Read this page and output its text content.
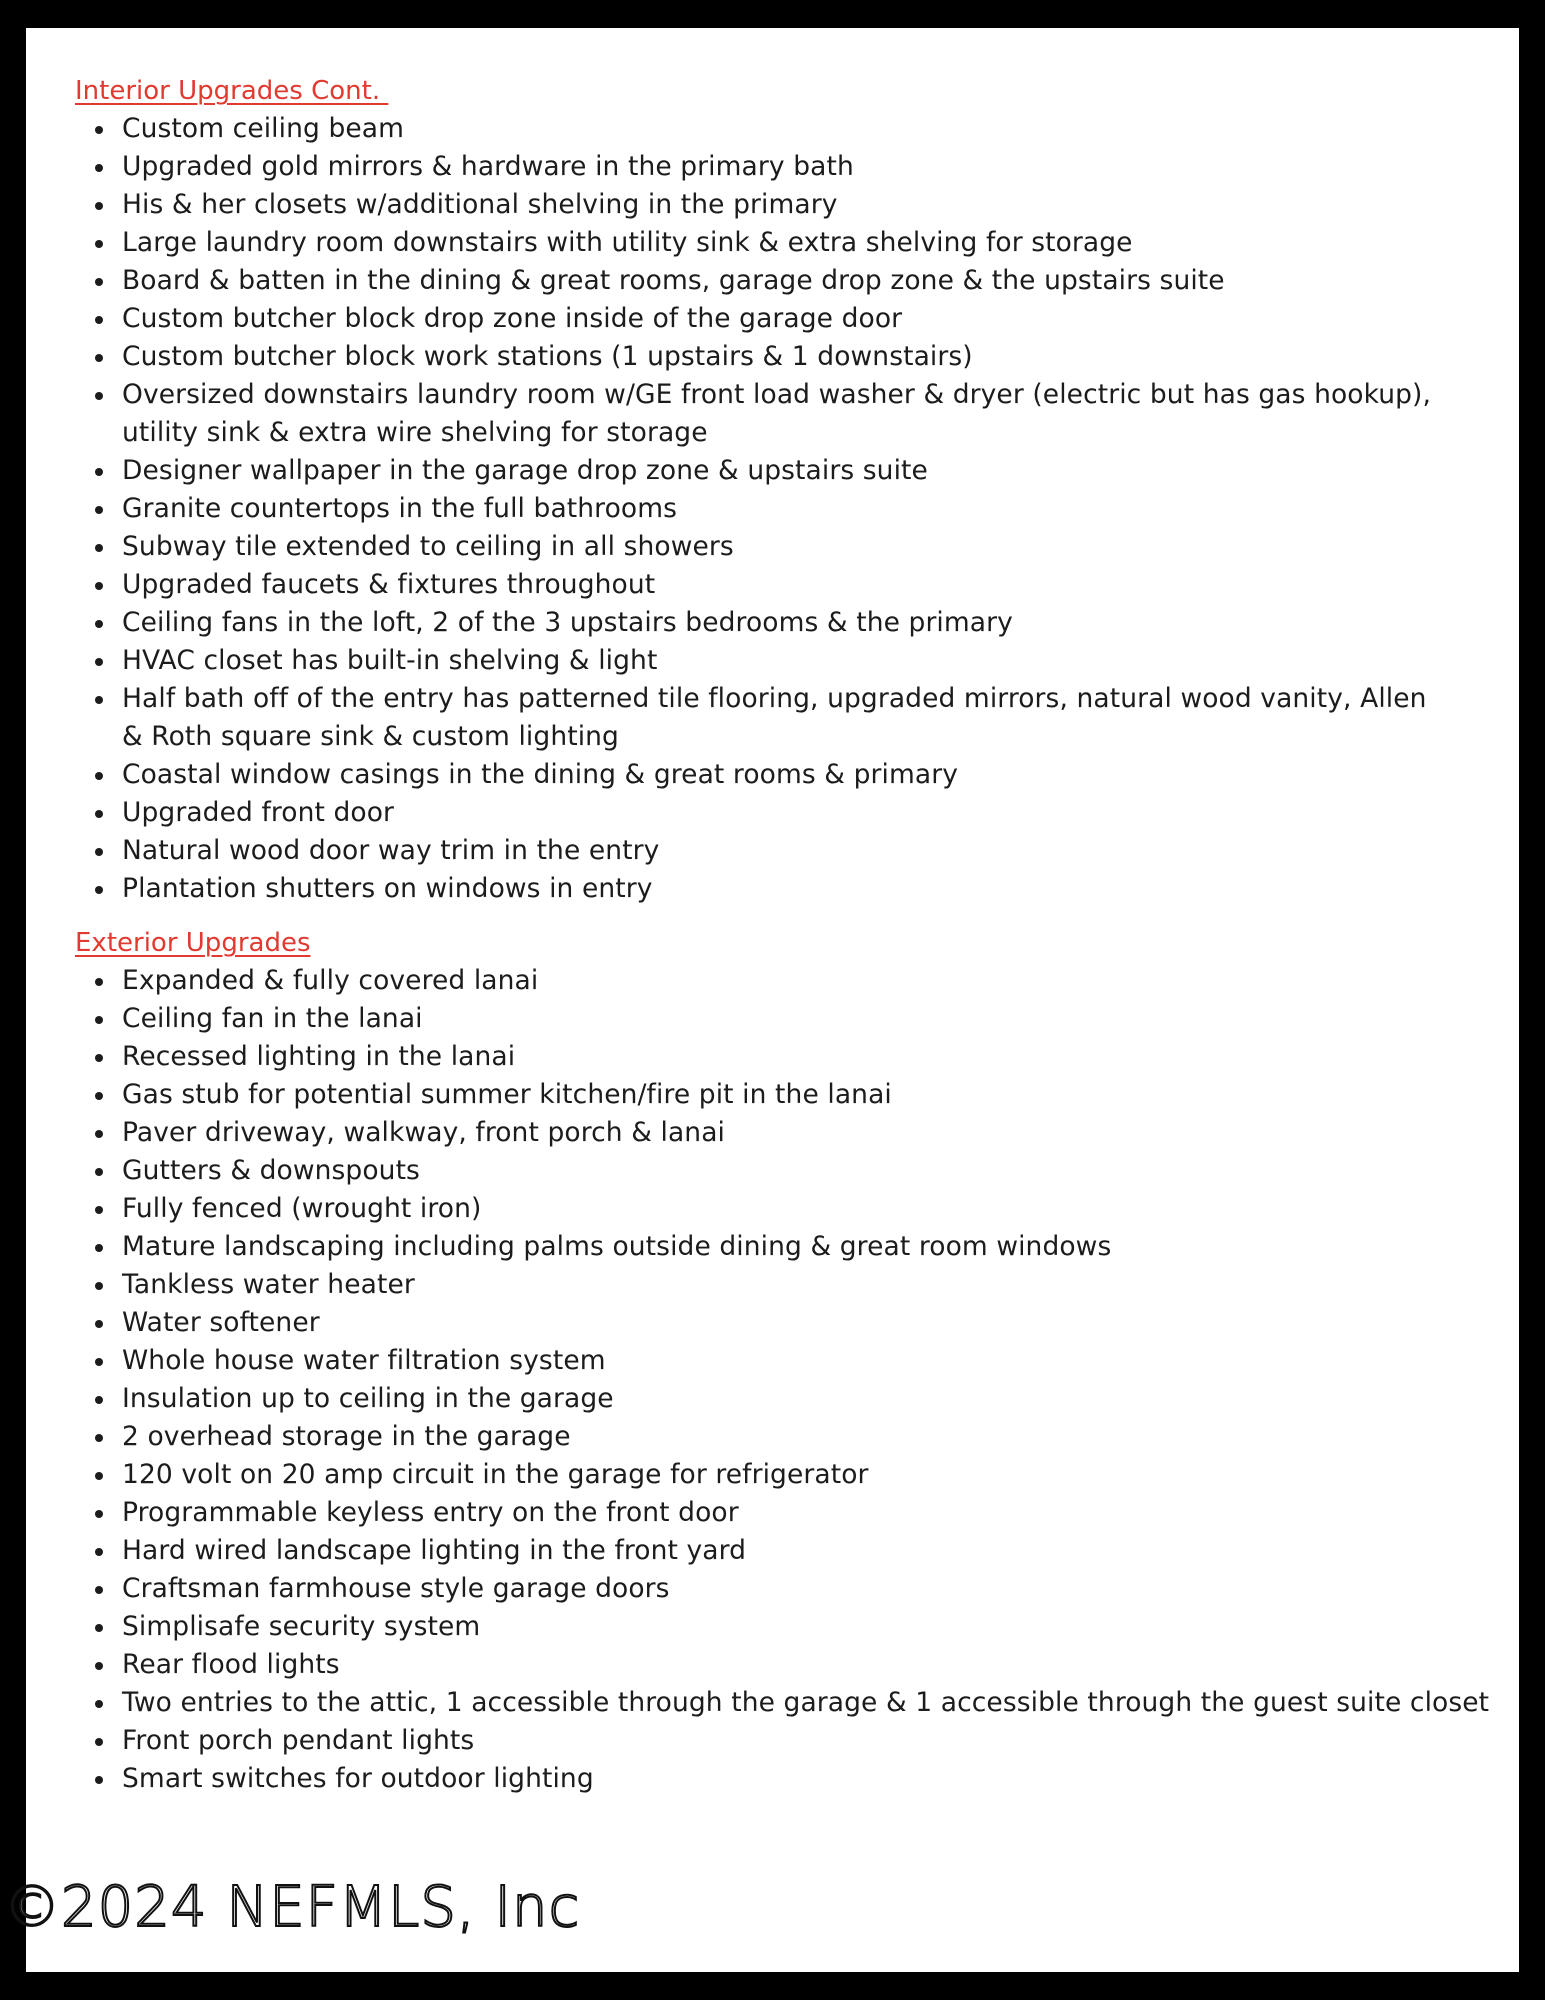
Interior Upgrades Cont.
Custom ceiling beam
Upgraded gold mirrors & hardware in the primary bath
His & her closets w/additional shelving in the primary
Large laundry room downstairs with utility sink & extra shelving for storage
Board & batten in the dining & great rooms, garage drop zone & the upstairs suite
Custom butcher block drop zone inside of the garage door
Custom butcher block work stations (1 upstairs & 1 downstairs)
Oversized downstairs laundry room w/GE front load washer & dryer (electric but has gas hookup),
utility sink & extra wire shelving for storage
Designer wallpaper in the garage drop zone & upstairs suite
Granite countertops in the full bathrooms
Subway tile extended to ceiling in all showers
Upgraded faucets & fixtures throughout
Ceiling fans in the loft, 2 of the 3 upstairs bedrooms & the primary
HVAC closet has built-in shelving & light
Half bath off of the entry has patterned tile flooring, upgraded mirrors, natural wood vanity, Allen
& Roth square sink & custom lighting
Coastal window casings in the dining & great rooms & primary
Upgraded front door
Natural wood door way trim in the entry
Plantation shutters on windows in entry
Exterior Upgrades
Expanded & fully covered lanai
Ceiling fan in the lanai
Recessed lighting in the lanai
Gas stub for potential summer kitchen/fire pit in the lanai
Paver driveway, walkway, front porch & lanai
Gutters & downspouts
Fully fenced (wrought iron)
Mature landscaping including palms outside dining & great room windows
Tankless water heater
Water softener
Whole house water filtration system
Insulation up to ceiling in the garage
2 overhead storage in the garage
120 volt on 20 amp circuit in the garage for refrigerator
Programmable keyless entry on the front door
Hard wired landscape lighting in the front yard
Craftsman farmhouse style garage doors
Simplisafe security system
Rear flood lights
Two entries to the attic, 1 accessible through the garage & 1 accessible through the guest suite closet
Front porch pendant lights
Smart switches for outdoor lighting
©2024 NEFMLS, Inc
